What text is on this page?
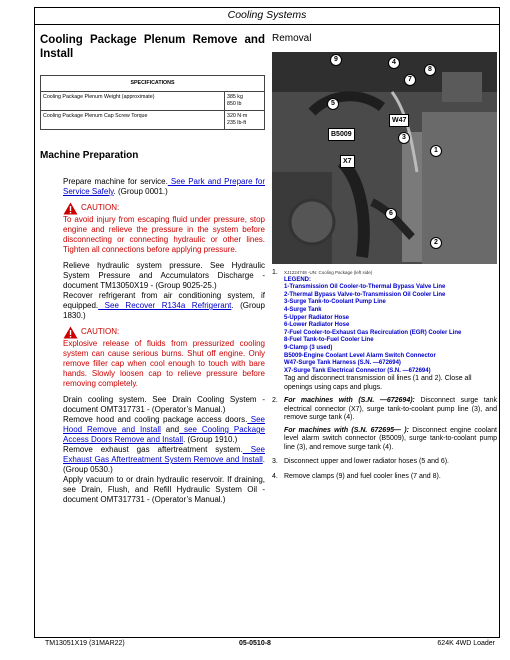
Cooling Systems
Cooling Package Plenum Remove and Install
SPECIFICATIONS	
Cooling Package Plenum Weight (approximate)	385 kg
850 lb

Cooling Package Plenum Cap Screw Torque	320 N·m
235 lb-ft
Machine Preparation

Prepare machine for service. See Park and Prepare for Service Safely. (Group 0001.)

CAUTION:

To avoid injury from escaping fluid under pressure, stop engine and relieve the pressure in the system before disconnecting or connecting hydraulic or other lines. Tighten all connections before applying pressure.

Relieve hydraulic system pressure. See Hydraulic System Pressure and Accumulators Discharge - document TM13050X19 - (Group 9025-25.)

Recover refrigerant from air conditioning system, if equipped. See Recover R134a Refrigerant. (Group 1830.)

CAUTION:

Explosive release of fluids from pressurized cooling system can cause serious burns. Shut off engine. Only remove filler cap when cool enough to touch with bare hands. Slowly loosen cap to relieve pressure before removing completely.

Drain cooling system. See Drain Cooling System - document OMT317731 - (Operator’s Manual.)

Remove hood and cooling package access doors. See Hood Remove and Install and see Cooling Package Access Doors Remove and Install. (Group 1910.)

Remove exhaust gas aftertreatment system. See Exhaust Gas Aftertreatment System Remove and Install. (Group 0530.)

Apply vacuum to or drain hydraulic reservoir. If draining, see Drain, Flush, and Refill Hydraulic System Oil - document OMT317731 - (Operator’s Manual.)

Removal
9	4
8
7
5
3
1
6
2
W47
B5009
X7
1.	XJ1224748 -UN: Cooling Package (left side)
LEGEND:
1-Transmission Oil Cooler-to-Thermal Bypass Valve Line
2-Thermal Bypass Valve-to-Transmission Oil Cooler Line
3-Surge Tank-to-Coolant Pump Line
4-Surge Tank
5-Upper Radiator Hose
6-Lower Radiator Hose
7-Fuel Cooler-to-Exhaust Gas Recirculation (EGR) Cooler Line
8-Fuel Tank-to-Fuel Cooler Line
9-Clamp (3 used)
B5009-Engine Coolant Level Alarm Switch Connector
W47-Surge Tank Harness (S.N. —672694)
X7-Surge Tank Electrical Connector (S.N. —672694)
Tag and disconnect transmission oil lines (1 and 2). Close all openings using caps and plugs.
2. For machines with (S.N. —672694): Disconnect surge tank electrical connector (X7), surge tank-to-coolant pump line (3), and remove surge tank (4).

For machines with (S.N. 672695— ): Disconnect engine coolant level alarm switch connector (B5009), surge tank-to-coolant pump line (3), and remove surge tank (4).

3. Disconnect upper and lower radiator hoses (5 and 6).
4. Remove clamps (9) and fuel cooler lines (7 and 8).
TM13051X19 (31MAR22)	05-0510-8	624K 4WD Loader
